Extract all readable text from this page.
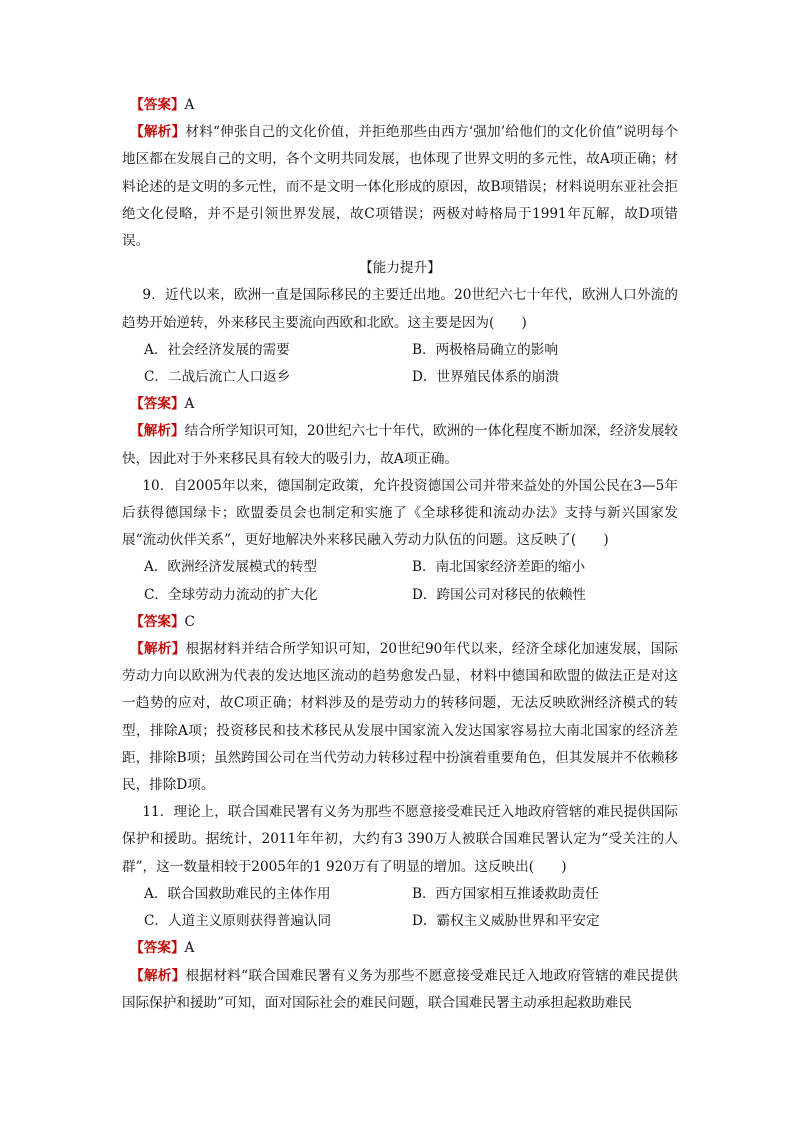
【答案】A

【解析】材料“伸张自己的文化价值，并拒绝那些由西方‘强加’给他们的文化价值”说明每个地区都在发展自己的文明，各个文明共同发展，也体现了世界文明的多元性，故A项正确；材料论述的是文明的多元性，而不是文明一体化形成的原因，故B项错误；材料说明东亚社会拒绝文化侵略，并不是引领世界发展，故C项错误；两极对峙格局于1991年瓦解，故D项错误。

【能力提升】

9．近代以来，欧洲一直是国际移民的主要迁出地。20世纪六七十年代，欧洲人口外流的趋势开始逆转，外来移民主要流向西欧和北欧。这主要是因为(　　)

A．社会经济发展的需要	B．两极格局确立的影响
C．二战后流亡人口返乡	D．世界殖民体系的崩溃

【答案】A

【解析】结合所学知识可知，20世纪六七十年代，欧洲的一体化程度不断加深，经济发展较快，因此对于外来移民具有较大的吸引力，故A项正确。

10．自2005年以来，德国制定政策，允许投资德国公司并带来益处的外国公民在3—5年后获得德国绿卡；欧盟委员会也制定和实施了《全球移徙和流动办法》支持与新兴国家发展“流动伙伴关系”，更好地解决外来移民融入劳动力队伍的问题。这反映了(　　)

A．欧洲经济发展模式的转型	B．南北国家经济差距的缩小
C．全球劳动力流动的扩大化	D．跨国公司对移民的依赖性

【答案】C

【解析】根据材料并结合所学知识可知，20世纪90年代以来，经济全球化加速发展，国际劳动力向以欧洲为代表的发达地区流动的趋势愈发凸显，材料中德国和欧盟的做法正是对这一趋势的应对，故C项正确；材料涉及的是劳动力的转移问题，无法反映欧洲经济模式的转型，排除A项；投资移民和技术移民从发展中国家流入发达国家容易拉大南北国家的经济差距，排除B项；虽然跨国公司在当代劳动力转移过程中扮演着重要角色，但其发展并不依赖移民，排除D项。

11．理论上，联合国难民署有义务为那些不愿意接受难民迁入地政府管辖的难民提供国际保护和援助。据统计，2011年年初，大约有3 390万人被联合国难民署认定为“受关注的人群”，这一数量相较于2005年的1 920万有了明显的增加。这反映出(　　)

A．联合国救助难民的主体作用	B．西方国家相互推诿救助责任
C．人道主义原则获得普遍认同	D．霸权主义威胁世界和平安定

【答案】A

【解析】根据材料“联合国难民署有义务为那些不愿意接受难民迁入地政府管辖的难民提供国际保护和援助”可知，面对国际社会的难民问题，联合国难民署主动承担起救助难民
